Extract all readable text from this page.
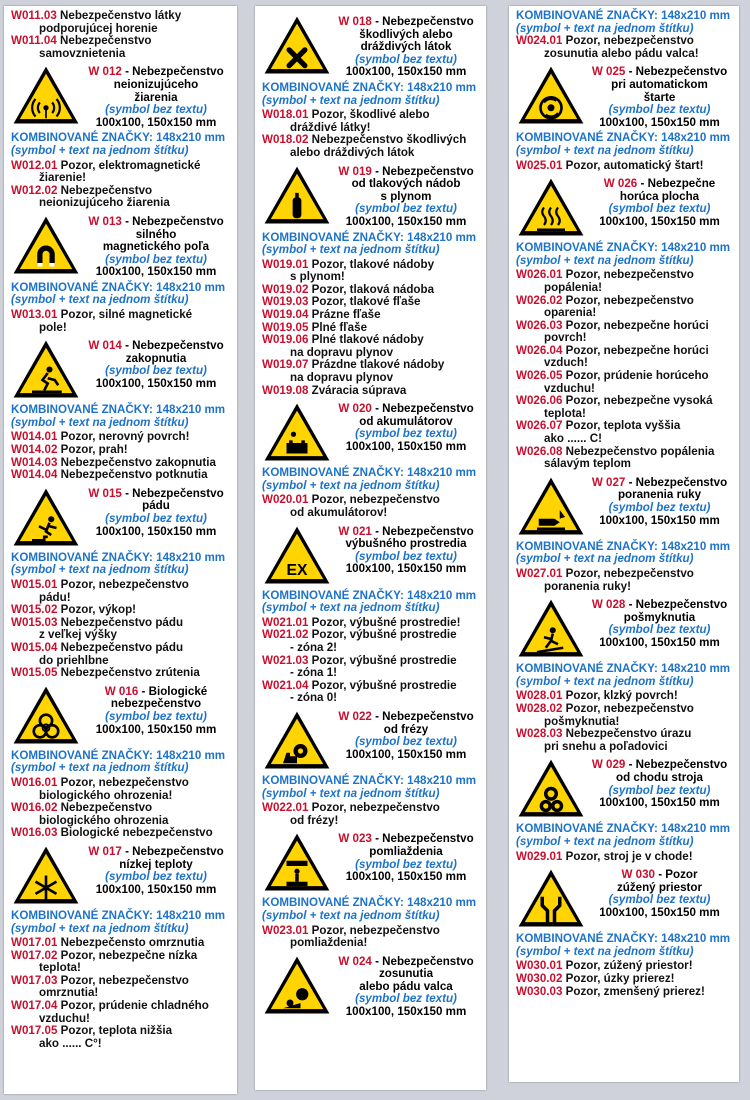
W011.03 Nebezpečenstvo látky
podporujúcej horenie
W011.04 Nebezpečenstvo
samovznietenia
W 012 - Nebezpečenstvo
neionizujúceho
žiarenia
(symbol bez textu)
100x100, 150x150 mm
KOMBINOVANÉ ZNAČKY: 148x210 mm
(symbol + text na jednom štítku)
W012.01 Pozor, elektromagnetické
žiarenie!
W012.02 Nebezpečenstvo
neionizujúceho žiarenia
W 013 - Nebezpečenstvo
silného
magnetického poľa
(symbol bez textu)
100x100, 150x150 mm
KOMBINOVANÉ ZNAČKY: 148x210 mm
(symbol + text na jednom štítku)
W013.01 Pozor, silné magnetické
pole!
W 014 - Nebezpečenstvo
zakopnutia
(symbol bez textu)
100x100, 150x150 mm
KOMBINOVANÉ ZNAČKY: 148x210 mm
(symbol + text na jednom štítku)
W014.01 Pozor, nerovný povrch!
W014.02 Pozor, prah!
W014.03 Nebezpečenstvo zakopnutia
W014.04 Nebezpečenstvo potknutia
W 015 - Nebezpečenstvo
pádu
(symbol bez textu)
100x100, 150x150 mm
KOMBINOVANÉ ZNAČKY: 148x210 mm
(symbol + text na jednom štítku)
W015.01 Pozor, nebezpečenstvo
pádu!
W015.02 Pozor, výkop!
W015.03 Nebezpečenstvo pádu
z veľkej výšky
W015.04 Nebezpečenstvo pádu
do priehlbne
W015.05 Nebezpečenstvo zrútenia
W 016 - Biologické
nebezpečenstvo
(symbol bez textu)
100x100, 150x150 mm
KOMBINOVANÉ ZNAČKY: 148x210 mm
(symbol + text na jednom štítku)
W016.01 Pozor, nebezpečenstvo
biologického ohrozenia!
W016.02 Nebezpečenstvo
biologického ohrozenia
W016.03 Biologické nebezpečenstvo
W 017 - Nebezpečenstvo
nízkej teploty
(symbol bez textu)
100x100, 150x150 mm
KOMBINOVANÉ ZNAČKY: 148x210 mm
(symbol + text na jednom štítku)
W017.01 Nebezpečensto omrznutia
W017.02 Pozor, nebezpečne nízka
teplota!
W017.03 Pozor, nebezpečenstvo
omrznutia!
W017.04 Pozor, prúdenie chladného
vzduchu!
W017.05 Pozor, teplota nižšia
ako ...... C°!
W 018 - Nebezpečenstvo
škodlivých alebo
dráždivých látok
(symbol bez textu)
100x100, 150x150 mm
KOMBINOVANÉ ZNAČKY: 148x210 mm
(symbol + text na jednom štítku)
W018.01 Pozor, škodlivé alebo
dráždivé látky!
W018.02 Nebezpečenstvo škodlivých
alebo dráždivých látok
W 019 - Nebezpečenstvo
od tlakových nádob
s plynom
(symbol bez textu)
100x100, 150x150 mm
KOMBINOVANÉ ZNAČKY: 148x210 mm
(symbol + text na jednom štítku)
W019.01 Pozor, tlakové nádoby
s plynom!
W019.02 Pozor, tlaková nádoba
W019.03 Pozor, tlakové fľaše
W019.04 Prázne fľaše
W019.05 Plné fľaše
W019.06 Plné tlakové nádoby
na dopravu plynov
W019.07 Prázdne tlakové nádoby
na dopravu plynov
W019.08 Zváracia súprava
W 020 - Nebezpečenstvo
od akumulátorov
(symbol bez textu)
100x100, 150x150 mm
KOMBINOVANÉ ZNAČKY: 148x210 mm
(symbol + text na jednom štítku)
W020.01 Pozor, nebezpečenstvo
od akumulátorov!
EX
W 021 - Nebezpečenstvo
výbušného prostredia
(symbol bez textu)
100x100, 150x150 mm
KOMBINOVANÉ ZNAČKY: 148x210 mm
(symbol + text na jednom štítku)
W021.01 Pozor, výbušné prostredie!
W021.02 Pozor, výbušné prostredie
- zóna 2!
W021.03 Pozor, výbušné prostredie
- zóna 1!
W021.04 Pozor, výbušné prostredie
- zóna 0!
W 022 - Nebezpečenstvo
od frézy
(symbol bez textu)
100x100, 150x150 mm
KOMBINOVANÉ ZNAČKY: 148x210 mm
(symbol + text na jednom štítku)
W022.01 Pozor, nebezpečenstvo
od frézy!
W 023 - Nebezpečenstvo
pomliaždenia
(symbol bez textu)
100x100, 150x150 mm
KOMBINOVANÉ ZNAČKY: 148x210 mm
(symbol + text na jednom štítku)
W023.01 Pozor, nebezpečenstvo
pomliaždenia!
W 024 - Nebezpečenstvo
zosunutia
alebo pádu valca
(symbol bez textu)
100x100, 150x150 mm
KOMBINOVANÉ ZNAČKY: 148x210 mm
(symbol + text na jednom štítku)
W024.01 Pozor, nebezpečenstvo
zosunutia alebo pádu valca!
W 025 - Nebezpečenstvo
pri automatickom
štarte
(symbol bez textu)
100x100, 150x150 mm
KOMBINOVANÉ ZNAČKY: 148x210 mm
(symbol + text na jednom štítku)
W025.01 Pozor, automatický štart!
W 026 - Nebezpečne
horúca plocha
(symbol bez textu)
100x100, 150x150 mm
KOMBINOVANÉ ZNAČKY: 148x210 mm
(symbol + text na jednom štítku)
W026.01 Pozor, nebezpečenstvo
popálenia!
W026.02 Pozor, nebezpečenstvo
oparenia!
W026.03 Pozor, nebezpečne horúci
povrch!
W026.04 Pozor, nebezpečne horúci
vzduch!
W026.05 Pozor, prúdenie horúceho
vzduchu!
W026.06 Pozor, nebezpečne vysoká
teplota!
W026.07 Pozor, teplota vyššia
ako ...... C!
W026.08 Nebezpečenstvo popálenia
sálavým teplom
W 027 - Nebezpečenstvo
poranenia ruky
(symbol bez textu)
100x100, 150x150 mm
KOMBINOVANÉ ZNAČKY: 148x210 mm
(symbol + text na jednom štítku)
W027.01 Pozor, nebezpečenstvo
poranenia ruky!
W 028 - Nebezpečenstvo
pošmyknutia
(symbol bez textu)
100x100, 150x150 mm
KOMBINOVANÉ ZNAČKY: 148x210 mm
(symbol + text na jednom štítku)
W028.01 Pozor, klzký povrch!
W028.02 Pozor, nebezpečenstvo
pošmyknutia!
W028.03 Nebezpečenstvo úrazu
pri snehu a poľadovici
W 029 - Nebezpečenstvo
od chodu stroja
(symbol bez textu)
100x100, 150x150 mm
KOMBINOVANÉ ZNAČKY: 148x210 mm
(symbol + text na jednom štítku)
W029.01 Pozor, stroj je v chode!
W 030 - Pozor
zúžený priestor
(symbol bez textu)
100x100, 150x150 mm
KOMBINOVANÉ ZNAČKY: 148x210 mm
(symbol + text na jednom štítku)
W030.01 Pozor, zúžený priestor!
W030.02 Pozor, úzky prierez!
W030.03 Pozor, zmenšený prierez!
